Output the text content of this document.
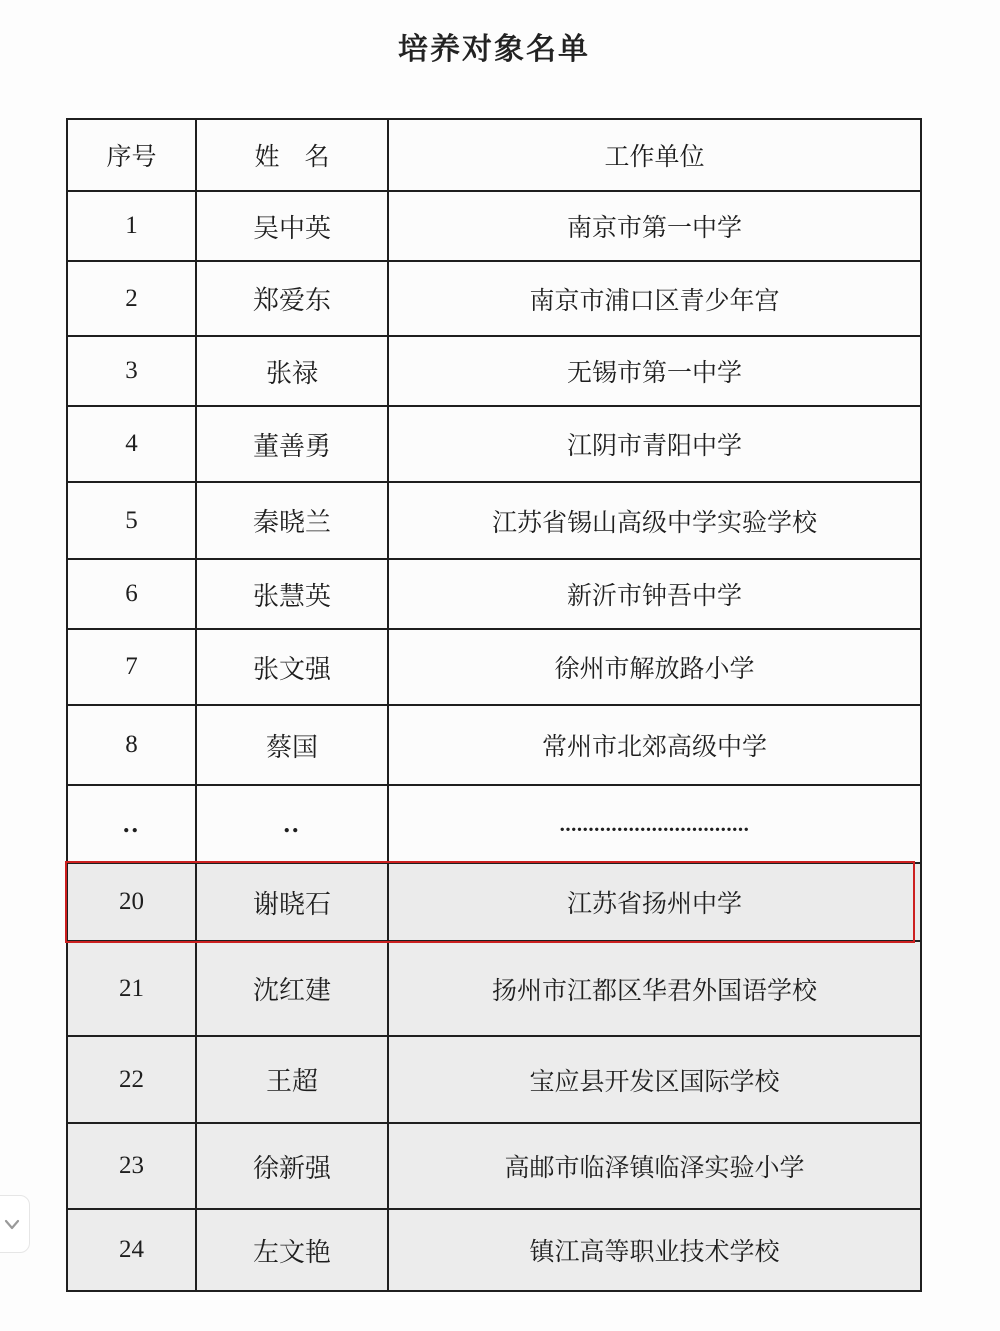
培养对象名单
序号	姓　名	工作单位
1	吴中英	南京市第一中学
2	郑爱东	南京市浦口区青少年宫
3	张禄	无锡市第一中学
4	董善勇	江阴市青阳中学
5	秦晓兰	江苏省锡山高级中学实验学校
6	张慧英	新沂市钟吾中学
7	张文强	徐州市解放路小学
8	蔡国	常州市北郊高级中学
..	..	.................................
20	谢晓石	江苏省扬州中学
21	沈红建	扬州市江都区华君外国语学校
22	王超	宝应县开发区国际学校
23	徐新强	高邮市临泽镇临泽实验小学
24	左文艳	镇江高等职业技术学校
